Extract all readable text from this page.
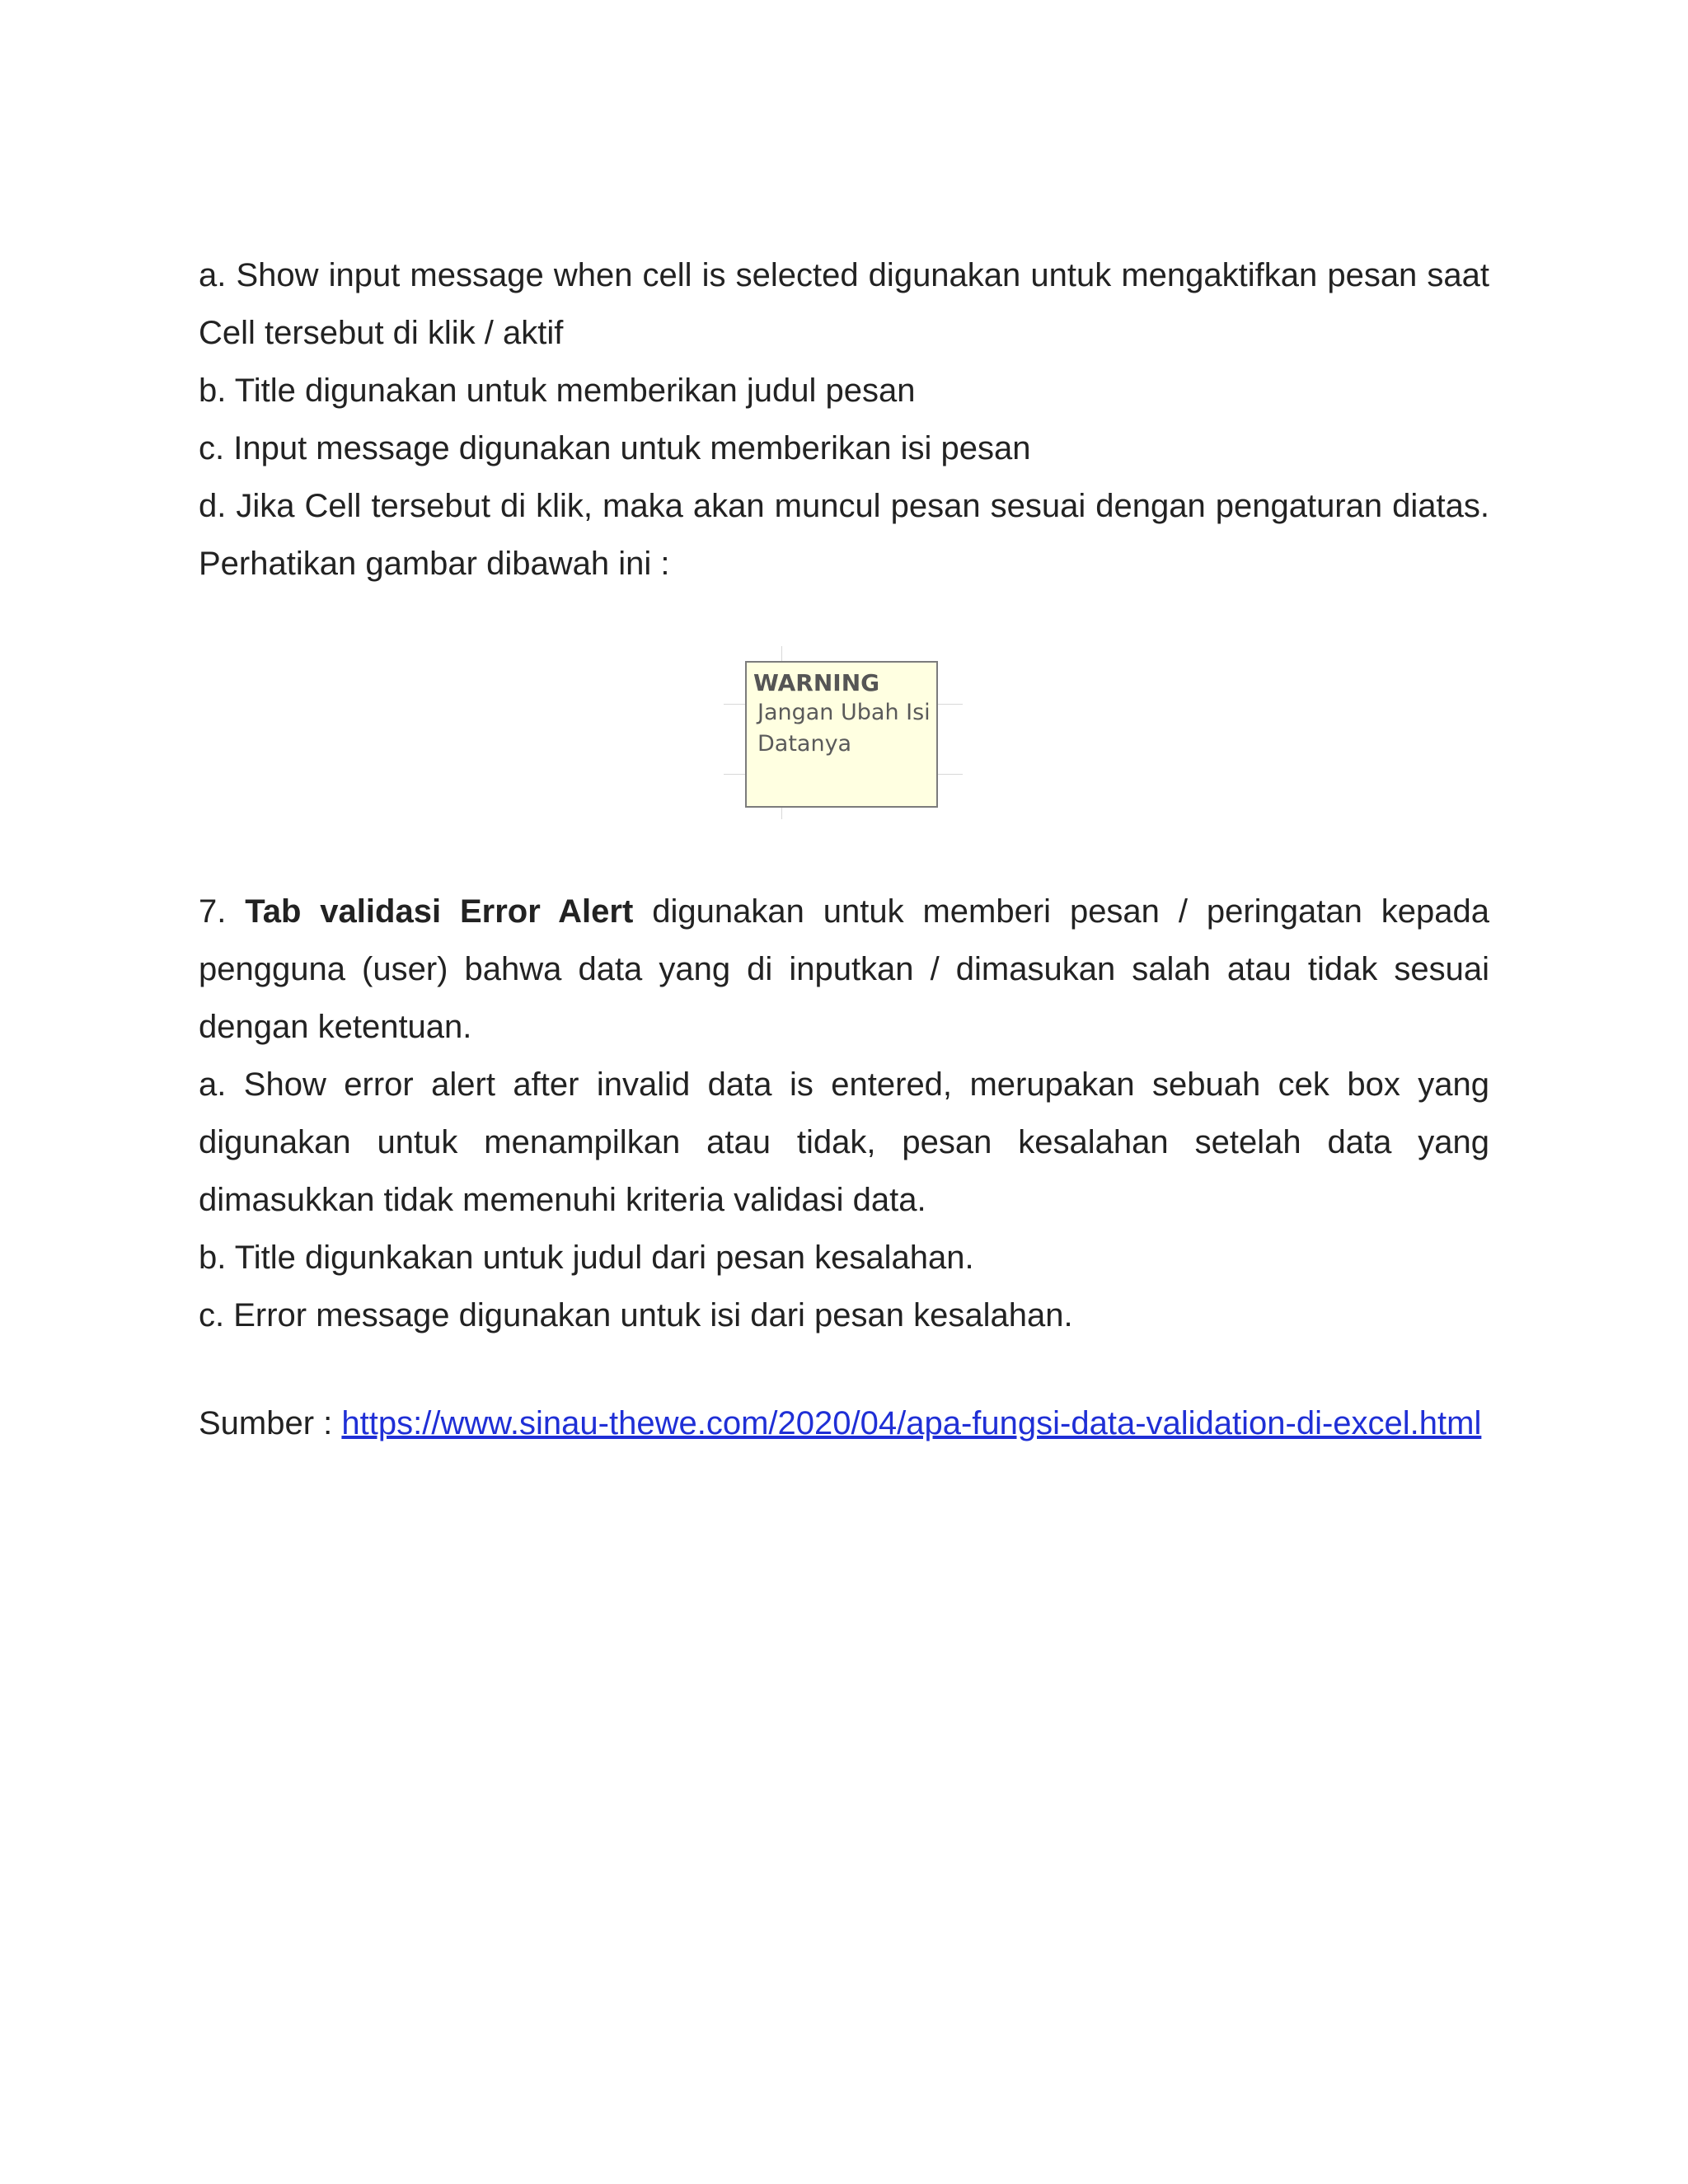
a. Show input message when cell is selected digunakan untuk mengaktifkan pesan saat
Cell tersebut di klik / aktif
b. Title digunakan untuk memberikan judul pesan
c. Input message digunakan untuk memberikan isi pesan
d. Jika Cell tersebut di klik, maka akan muncul pesan sesuai dengan pengaturan diatas.
Perhatikan gambar dibawah ini :
WARNING
Jangan Ubah Isi
Datanya
7. Tab validasi Error Alert digunakan untuk memberi pesan / peringatan kepada
pengguna (user) bahwa data yang di inputkan / dimasukan salah atau tidak sesuai
dengan ketentuan.
a. Show error alert after invalid data is entered, merupakan sebuah cek box yang
digunakan untuk menampilkan atau tidak, pesan kesalahan setelah data yang
dimasukkan tidak memenuhi kriteria validasi data.
b. Title digunkakan untuk judul dari pesan kesalahan.
c. Error message digunakan untuk isi dari pesan kesalahan.
Sumber : https://www.sinau-thewe.com/2020/04/apa-fungsi-data-validation-di-excel.html
